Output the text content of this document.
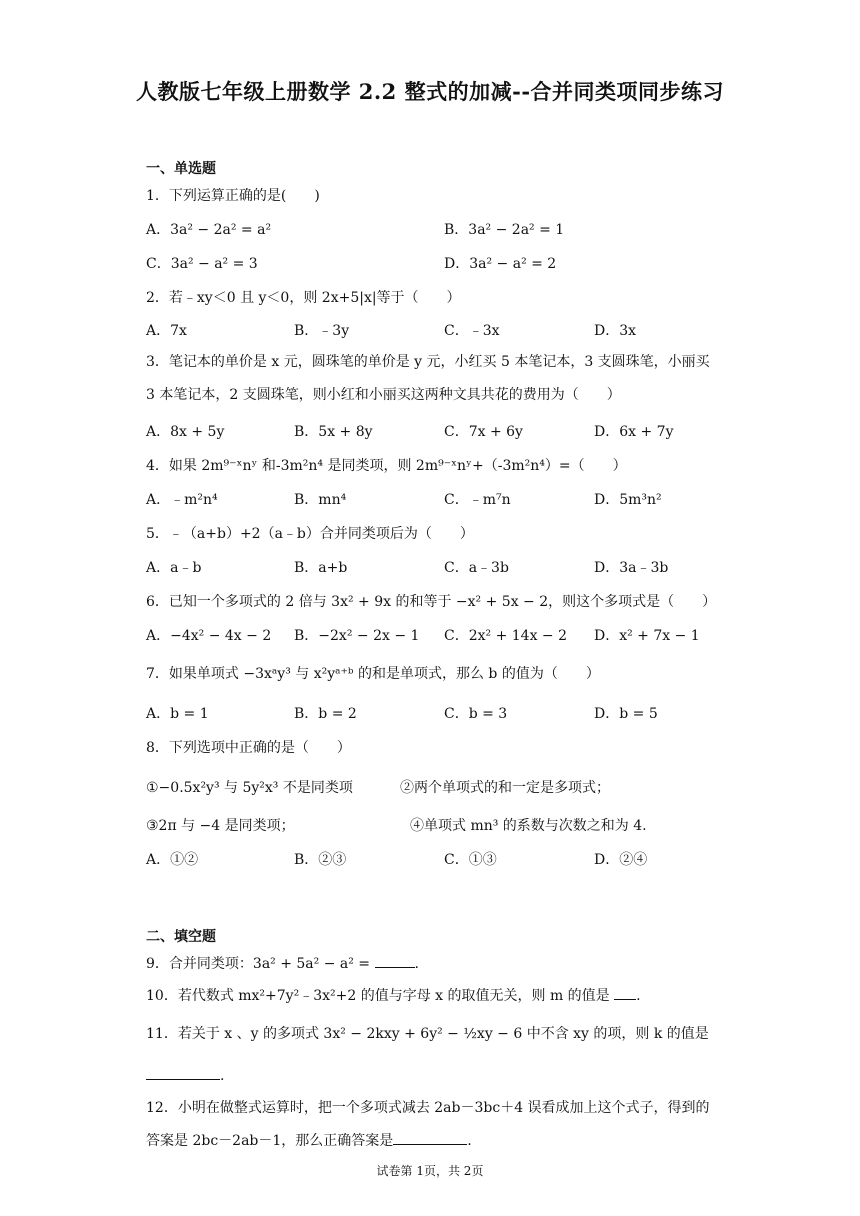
人教版七年级上册数学 2.2 整式的加减--合并同类项同步练习
一、单选题
1．下列运算正确的是(　　)
A．3a² − 2a² = a²	B．3a² − 2a² = 1
C．3a² − a² = 3	D．3a² − a² = 2
2．若﹣xy＜0 且 y＜0，则 2x+5|x|等于（　　）
A．7x	B．﹣3y	C．﹣3x	D．3x
3．笔记本的单价是 x 元，圆珠笔的单价是 y 元，小红买 5 本笔记本，3 支圆珠笔，小丽买 3 本笔记本，2 支圆珠笔，则小红和小丽买这两种文具共花的费用为（　　）
A．8x + 5y	B．5x + 8y	C．7x + 6y	D．6x + 7y
4．如果 2m⁹⁻ˣnʸ 和-3m²n⁴ 是同类项，则 2m⁹⁻ˣnʸ+（-3m²n⁴）=（　　）
A．﹣m²n⁴	B．mn⁴	C．﹣m⁷n	D．5m³n²
5．﹣（a+b）+2（a﹣b）合并同类项后为（　　）
A．a﹣b	B．a+b	C．a﹣3b	D．3a﹣3b
6．已知一个多项式的 2 倍与 3x² + 9x 的和等于 −x² + 5x − 2，则这个多项式是（　　）
A．−4x² − 4x − 2 B．−2x² − 2x − 1 C．2x² + 14x − 2 D．x² + 7x − 1
7．如果单项式 −3xᵃy³ 与 x²yᵃ⁺ᵇ 的和是单项式，那么 b 的值为（　　）
A．b = 1	B．b = 2	C．b = 3	D．b = 5
8．下列选项中正确的是（　　）
①−0.5x²y³ 与 5y²x³ 不是同类项	②两个单项式的和一定是多项式；
③2π 与 −4 是同类项；	④单项式 mn³ 的系数与次数之和为 4.
A．①②	B．②③	C．①③	D．②④
二、填空题
9．合并同类项：3a² + 5a² − a² =	.
10．若代数式 mx²+7y²﹣3x²+2 的值与字母 x 的取值无关，则 m 的值是 .
11．若关于 x 、y 的多项式 3x² − 2kxy + 6y² − ½xy − 6 中不含 xy 的项，则 k 的值是
.
12．小明在做整式运算时，把一个多项式减去 2ab－3bc＋4 误看成加上这个式子，得到的答案是 2bc－2ab－1，那么正确答案是	.
试卷第 1页，共 2页
